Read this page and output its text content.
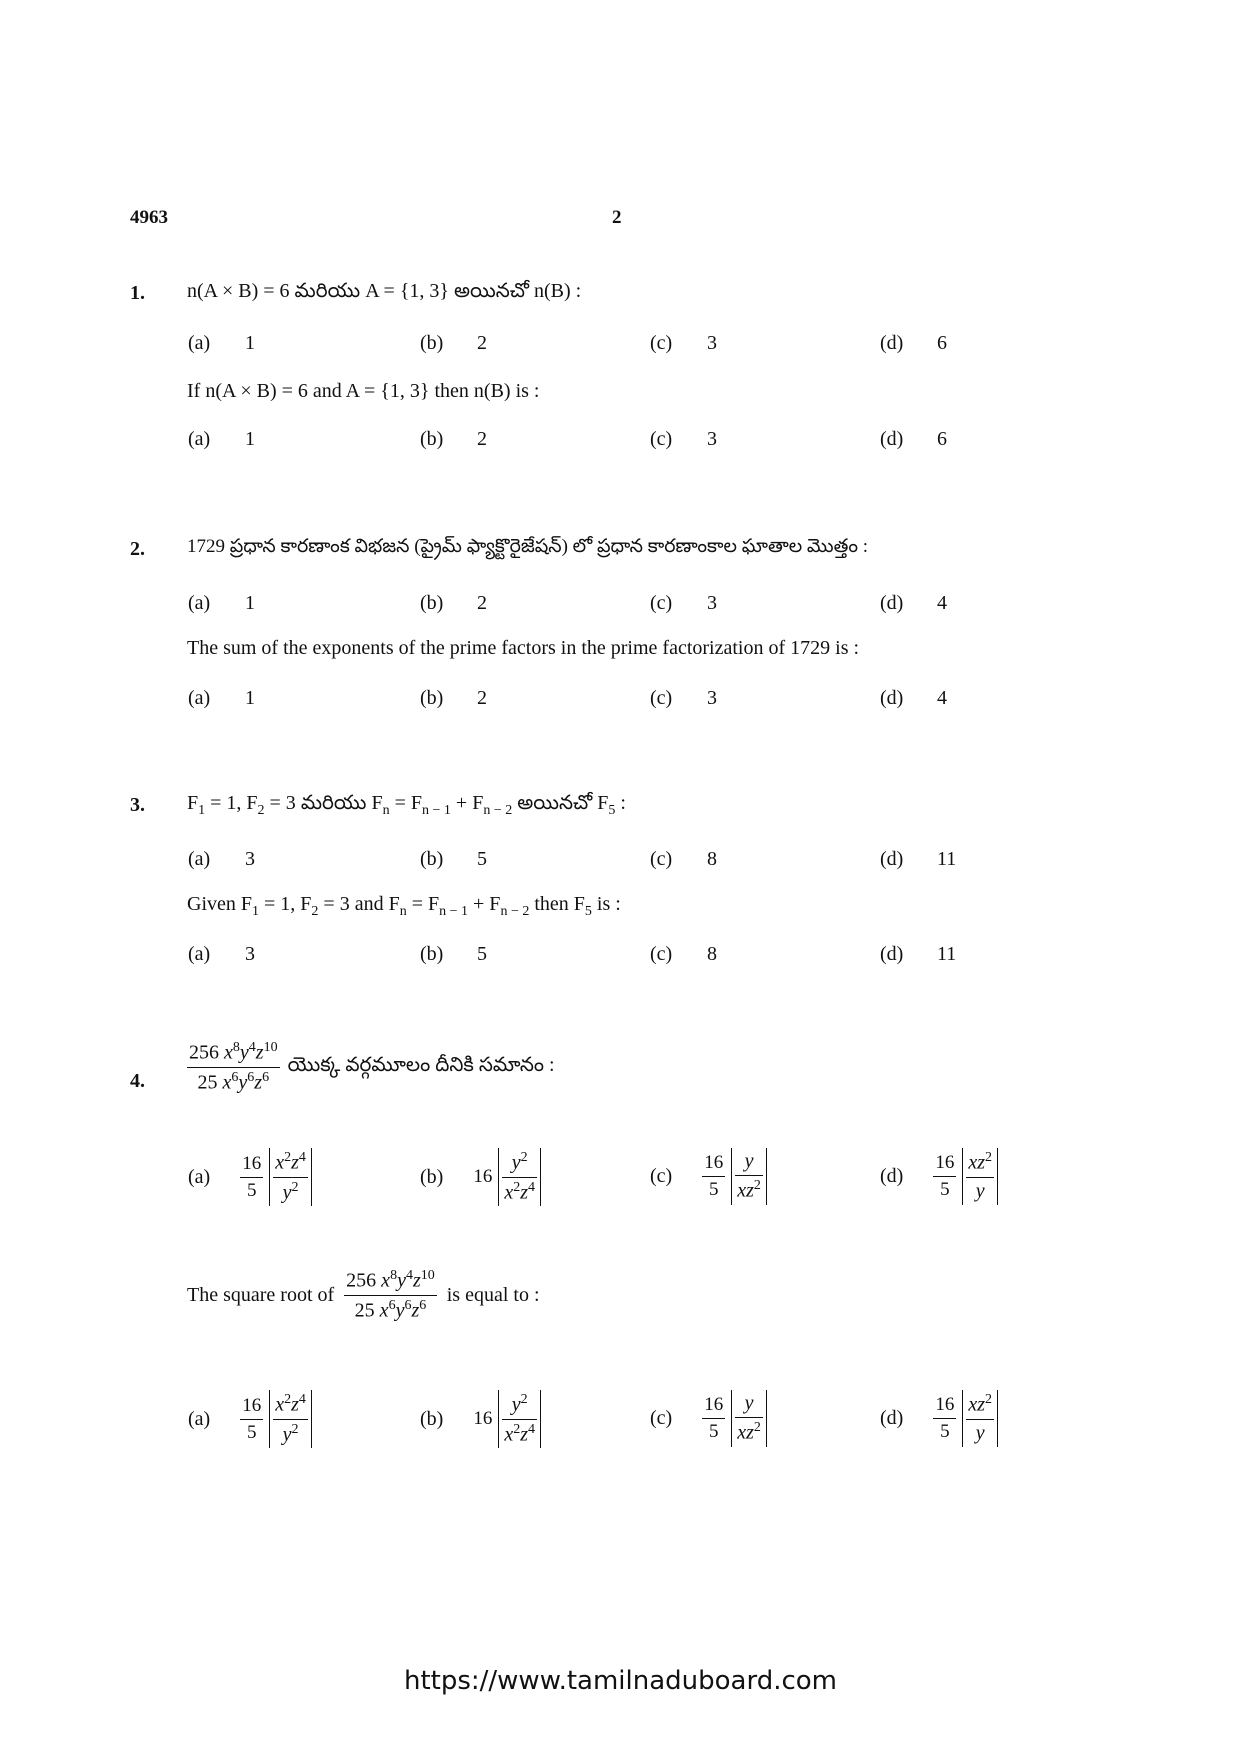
4963	2
1. n(A × B) = 6 మరియు A = {1, 3} అయినచో n(B) :
(a) 1	(b) 2	(c) 3	(d) 6
If n(A × B) = 6 and A = {1, 3} then n(B) is :
(a) 1	(b) 2	(c) 3	(d) 6
2. 1729 ప్రధాన కారణాంక విభజన (ప్రైమ్ ఫ్యాక్టొరైజేషన్) లో ప్రధాన కారణాంకాల ఘాతాల మొత్తం :
(a) 1	(b) 2	(c) 3	(d) 4
The sum of the exponents of the prime factors in the prime factorization of 1729 is :
(a) 1	(b) 2	(c) 3	(d) 4
3. $F_1 = 1$, $F_2 = 3$ మరియు $F_n = F_{n - 1} + F_{n - 2}$ అయినచో $F_5$ :
(a) 3	(b) 5	(c) 8	(d) 11
Given $F_1 = 1$, $F_2 = 3$ and $F_n = F_{n - 1} + F_{n - 2}$ then $F_5$ is :
(a) 3	(b) 5	(c) 8	(d) 11
4. $\frac{256 x^8y^4z^{10}}{25 x^6y^6z^6}$ యొక్క వర్గమూలం దీనికి సమానం :
$(a) \frac{16}{5} \frac{x^2z^4}{y^2}$	(b) $16 \frac{y^2}{x^2z^4}$	$(c) \frac{16}{5} \frac{y}{xz^2}$	$(d) \frac{16}{5} \frac{xz^2}{y}$
The square root of $\frac{256 x^8y^4z^{10}}{25 x^6y^6z^6}$ is equal to :
$(a) \frac{16}{5} \frac{x^2z^4}{y^2}$	(b) $16 \frac{y^2}{x^2z^4}$	$(c) \frac{16}{5} \frac{y}{xz^2}$	$(d) \frac{16}{5} \frac{xz^2}{y}$
https://www.tamilnaduboard.com
